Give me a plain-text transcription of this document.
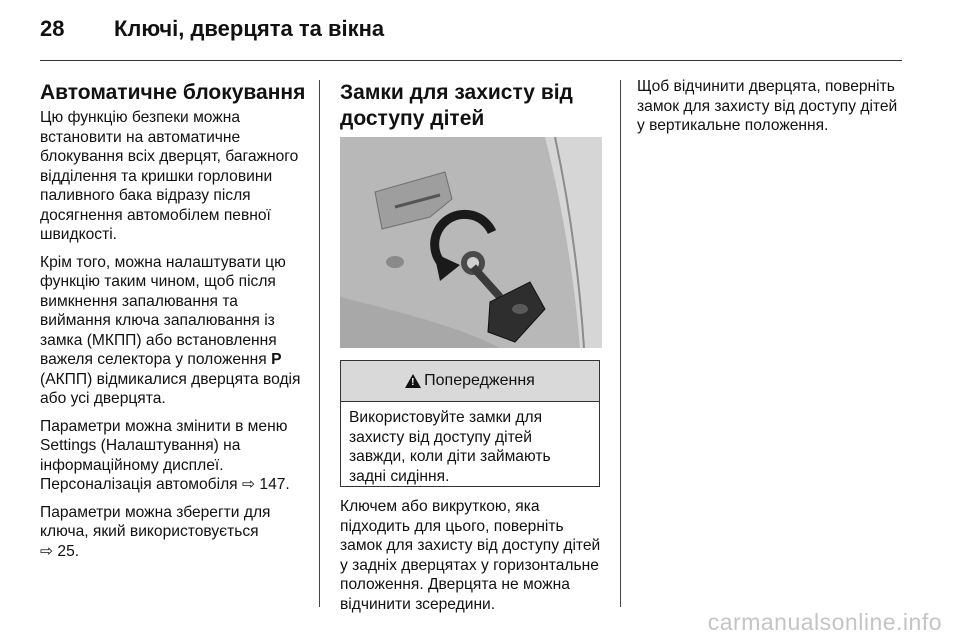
28 Ключі, дверцята та вікна
Автоматичне блокування

Цю функцію безпеки можна встановити на автоматичне блокування всіх дверцят, багажного відділення та кришки горловини паливного бака відразу після досягнення автомобілем певної швидкості.

Крім того, можна налаштувати цю функцію таким чином, щоб після вимкнення запалювання та виймання ключа запалювання із замка (МКПП) або встановлення важеля селектора у положення P (АКПП) відмикалися дверцята водія або усі дверцята.

Параметри можна змінити в меню Settings (Налаштування) на інформаційному дисплеї. Персоналізація автомобіля ⇨ 147.

Параметри можна зберегти для ключа, який використовується
⇨ 25.

Замки для захисту від доступу дітей
!
Попередження
Використовуйте замки для захисту від доступу дітей завжди, коли діти займають задні сидіння.

Ключем або викруткою, яка підходить для цього, поверніть замок для захисту від доступу дітей у задніх дверцятах у горизонтальне положення. Дверцята не можна відчинити зсередини.

Щоб відчинити дверцята, поверніть замок для захисту від доступу дітей у вертикальне положення.

carmanualsonline.info
